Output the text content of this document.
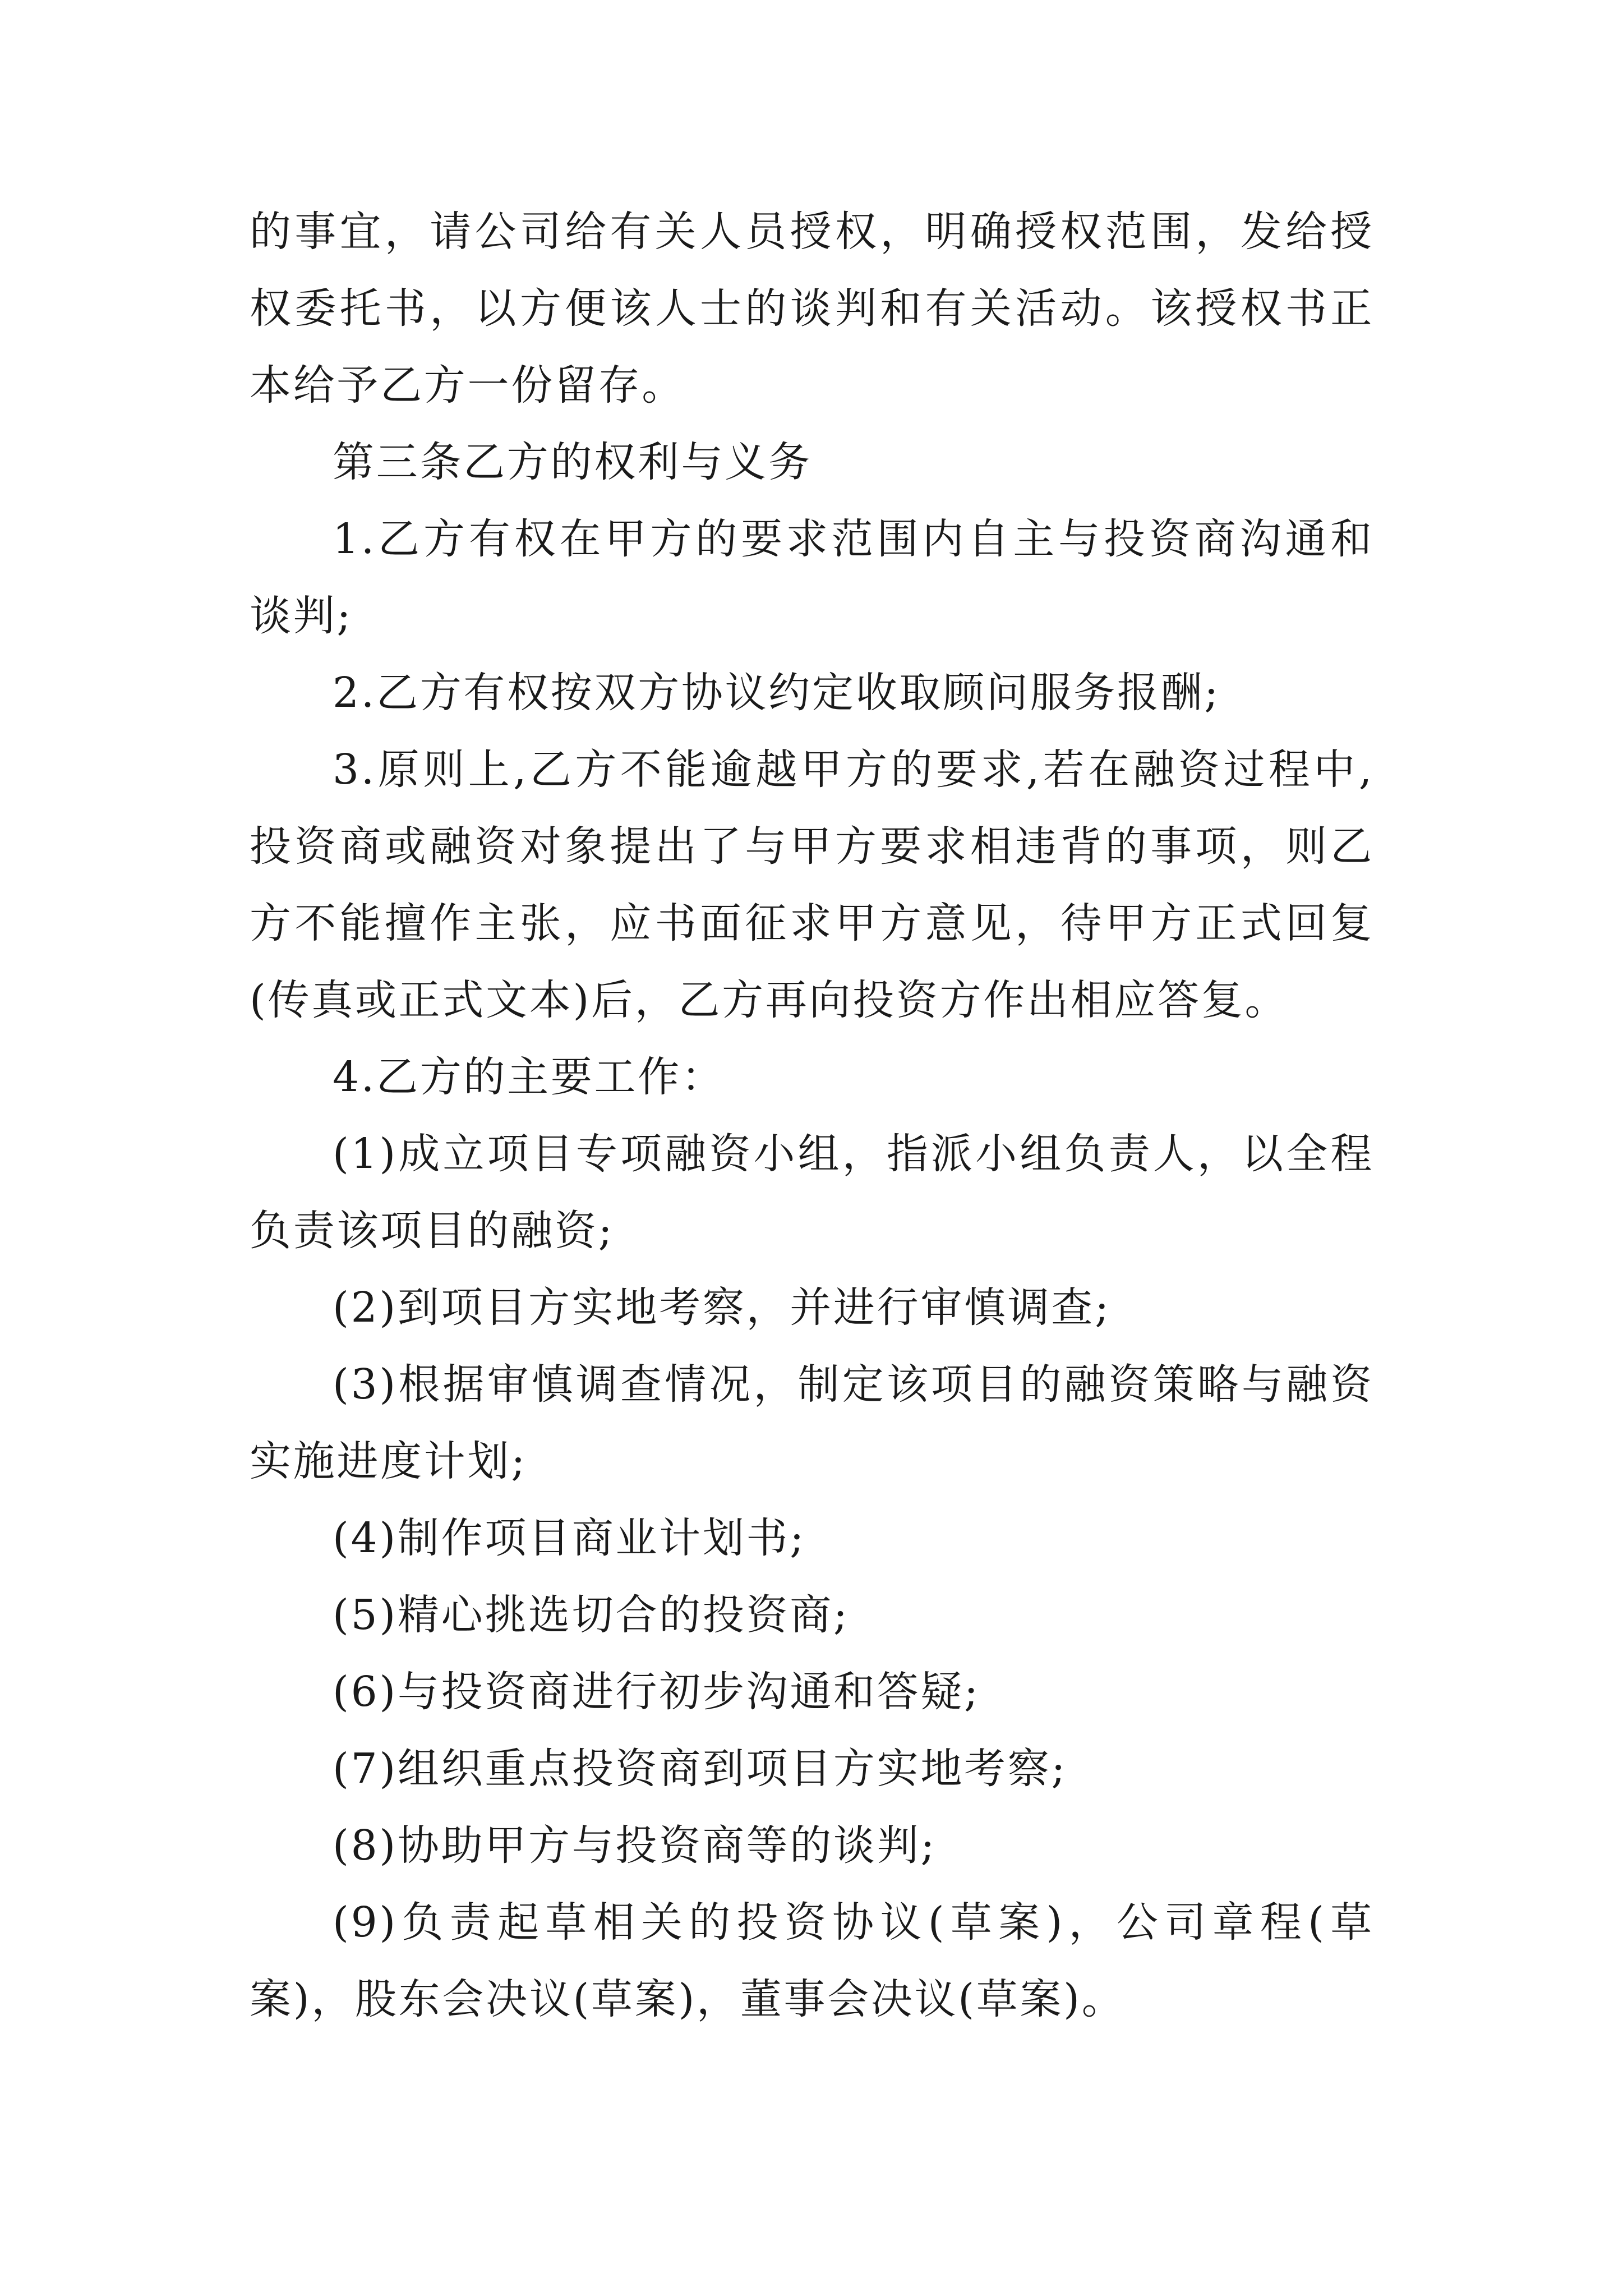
的事宜，请公司给有关人员授权，明确授权范围，发给授权委托书，以方便该人士的谈判和有关活动。该授权书正本给予乙方一份留存。

第三条乙方的权利与义务

1.乙方有权在甲方的要求范围内自主与投资商沟通和谈判;

2.乙方有权按双方协议约定收取顾问服务报酬;

3.原则上,乙方不能逾越甲方的要求,若在融资过程中,投资商或融资对象提出了与甲方要求相违背的事项，则乙方不能擅作主张，应书面征求甲方意见，待甲方正式回复(传真或正式文本)后，乙方再向投资方作出相应答复。

4.乙方的主要工作：

(1)成立项目专项融资小组，指派小组负责人，以全程负责该项目的融资;

(2)到项目方实地考察，并进行审慎调查;

(3)根据审慎调查情况，制定该项目的融资策略与融资实施进度计划;

(4)制作项目商业计划书;

(5)精心挑选切合的投资商;

(6)与投资商进行初步沟通和答疑;

(7)组织重点投资商到项目方实地考察;

(8)协助甲方与投资商等的谈判;

(9)负责起草相关的投资协议(草案)，公司章程(草案)，股东会决议(草案)，董事会决议(草案)。
